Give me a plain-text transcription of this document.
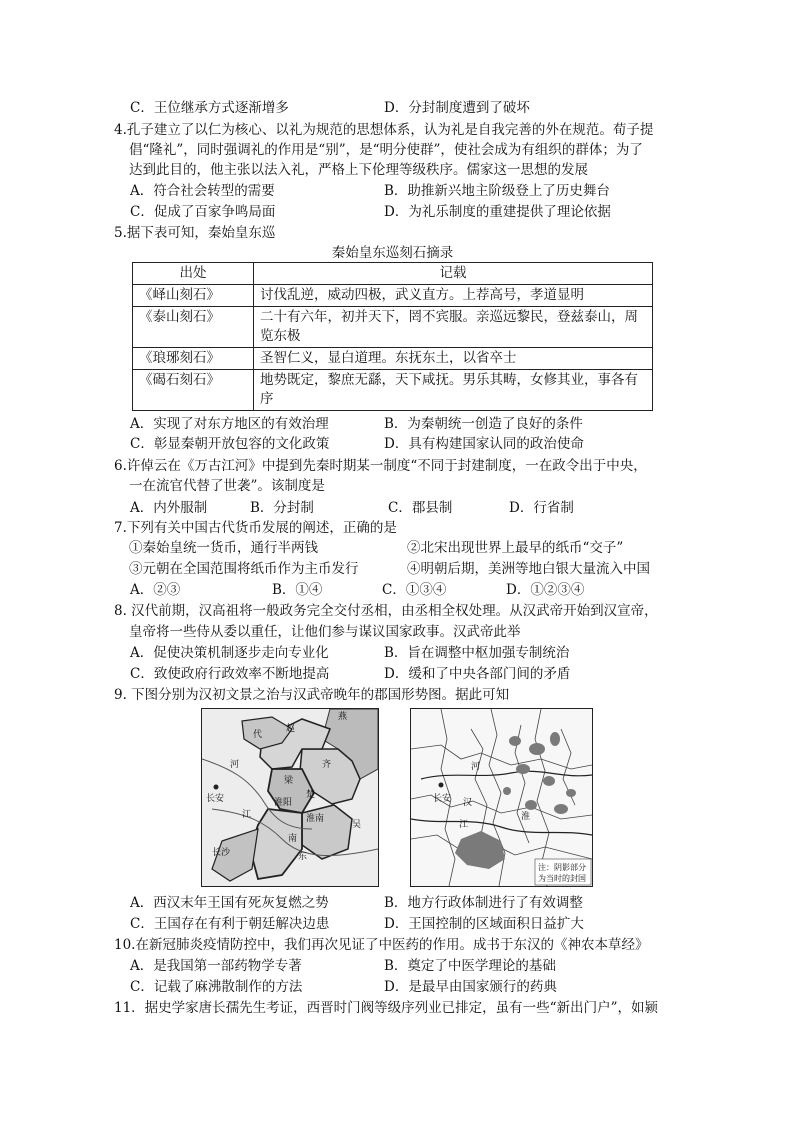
C．王位继承方式逐渐增多	D．分封制度遭到了破坏
4.孔子建立了以仁为核心、以礼为规范的思想体系，认为礼是自我完善的外在规范。荀子提
倡“隆礼”，同时强调礼的作用是“别”，是“明分使群”，使社会成为有组织的群体；为了
达到此目的，他主张以法入礼，严格上下伦理等级秩序。儒家这一思想的发展
A．符合社会转型的需要	B．助推新兴地主阶级登上了历史舞台
C．促成了百家争鸣局面	D．为礼乐制度的重建提供了理论依据
5.据下表可知，秦始皇东巡
秦始皇东巡刻石摘录
出处	记载
《峄山刻石》	讨伐乱逆，威动四极，武义直方。上荐高号，孝道显明
《泰山刻石》	二十有六年，初并天下，罔不宾服。亲巡远黎民，登兹泰山，周览东极
《琅琊刻石》	圣智仁义，显白道理。东抚东土，以省卒士
《碣石刻石》	地势既定，黎庶无繇，天下咸抚。男乐其畴，女修其业，事各有序
A．实现了对东方地区的有效治理	B．为秦朝统一创造了良好的条件
C．彰显秦朝开放包容的文化政策	D．具有构建国家认同的政治使命
6.许倬云在《万古江河》中提到先秦时期某一制度“不同于封建制度，一在政令出于中央，
一在流官代替了世袭”。该制度是
A．内外服制	B．分封制	C．郡县制	D．行省制
7.下列有关中国古代货币发展的阐述，正确的是
①秦始皇统一货币，通行半两钱	②北宋出现世界上最早的纸币“交子”
③元朝在全国范围将纸币作为主币发行	④明朝后期，美洲等地白银大量流入中国
A．②③	B．①④	C．①③④	D．①②③④
8. 汉代前期，汉高祖将一般政务完全交付丞相，由丞相全权处理。从汉武帝开始到汉宣帝，
皇帝将一些侍从委以重任，让他们参与谋议国家政事。汉武帝此举
A．促使决策机制逐步走向专业化	B．旨在调整中枢加强专制统治
C．致使政府行政效率不断地提高	D．缓和了中央各部门间的矛盾
9. 下图分别为汉初文景之治与汉武帝晚年的郡国形势图。据此可知
代
赵
燕
齐
梁
楚
淮阳
淮南
吴
长安
长沙
南
东
江
河
长安
河
江
汉
淮
注：阴影部分
为当时的封国
A．西汉末年王国有死灰复燃之势	B．地方行政体制进行了有效调整
C．王国存在有利于朝廷解决边患	D．王国控制的区域面积日益扩大
10.在新冠肺炎疫情防控中，我们再次见证了中医药的作用。成书于东汉的《神农本草经》
A．是我国第一部药物学专著	B．奠定了中医学理论的基础
C．记载了麻沸散制作的方法	D．是最早由国家颁行的药典
11．据史学家唐长孺先生考证，西晋时门阀等级序列业已排定，虽有一些“新出门户”，如颍
